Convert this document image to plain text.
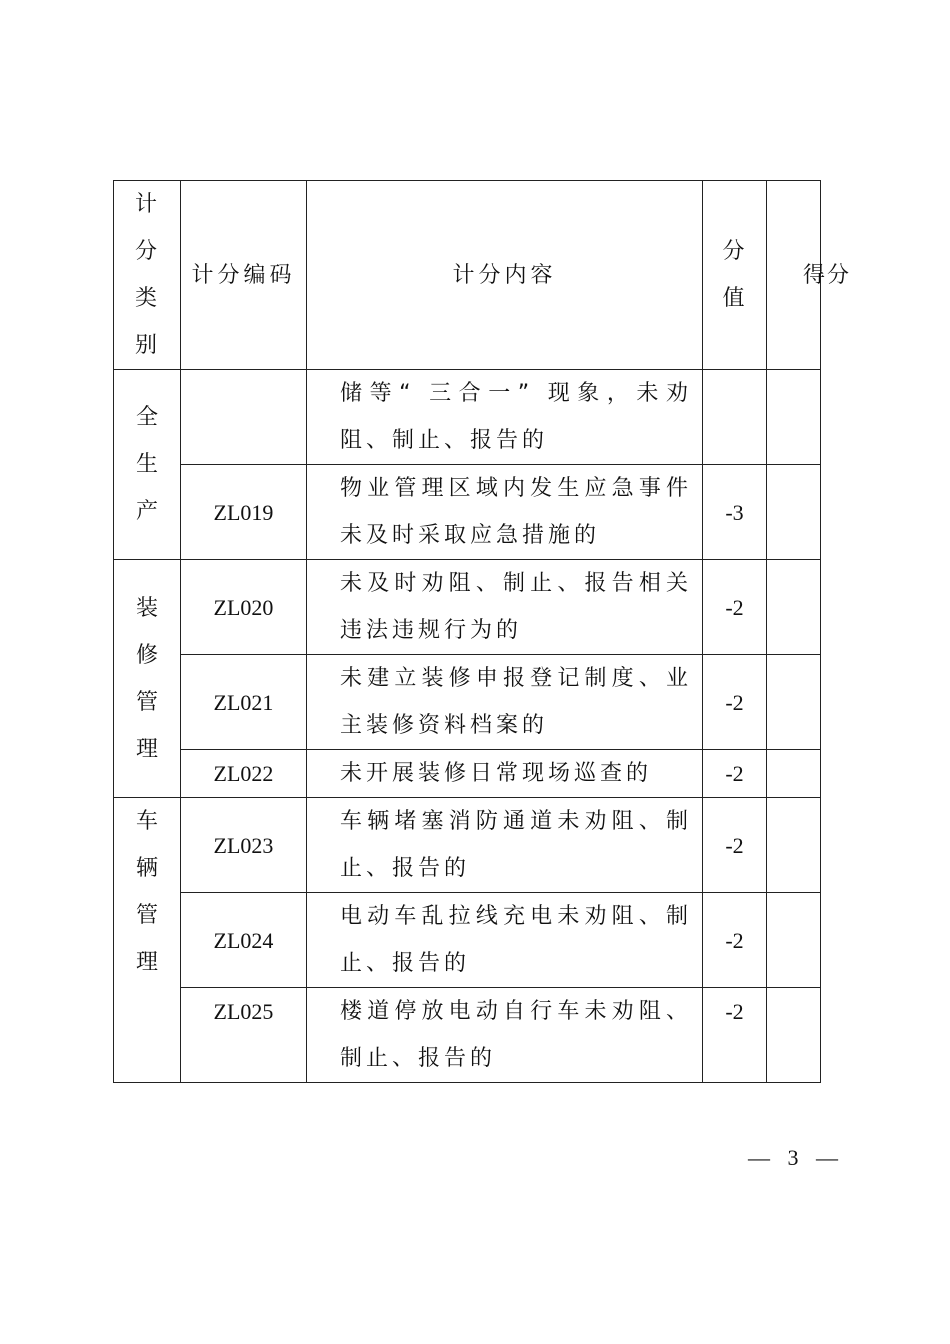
计分类别	计分编码	计分内容	分值	得分

全生产		储等“ 三合一” 现象，未劝阻、制止、报告的		
	ZL019	物业管理区域内发生应急事件未及时采取应急措施的	-3	

装修管理	ZL020	未及时劝阻、制止、报告相关违法违规行为的	-2	
	ZL021	未建立装修申报登记制度、业主装修资料档案的	-2	
	ZL022	未开展装修日常现场巡查的	-2	

车辆管理	ZL023	车辆堵塞消防通道未劝阻、制止、报告的	-2	
	ZL024	电动车乱拉线充电未劝阻、制止、报告的	-2	
	ZL025	楼道停放电动自行车未劝阻、制止、报告的	-2	
— 3 —
